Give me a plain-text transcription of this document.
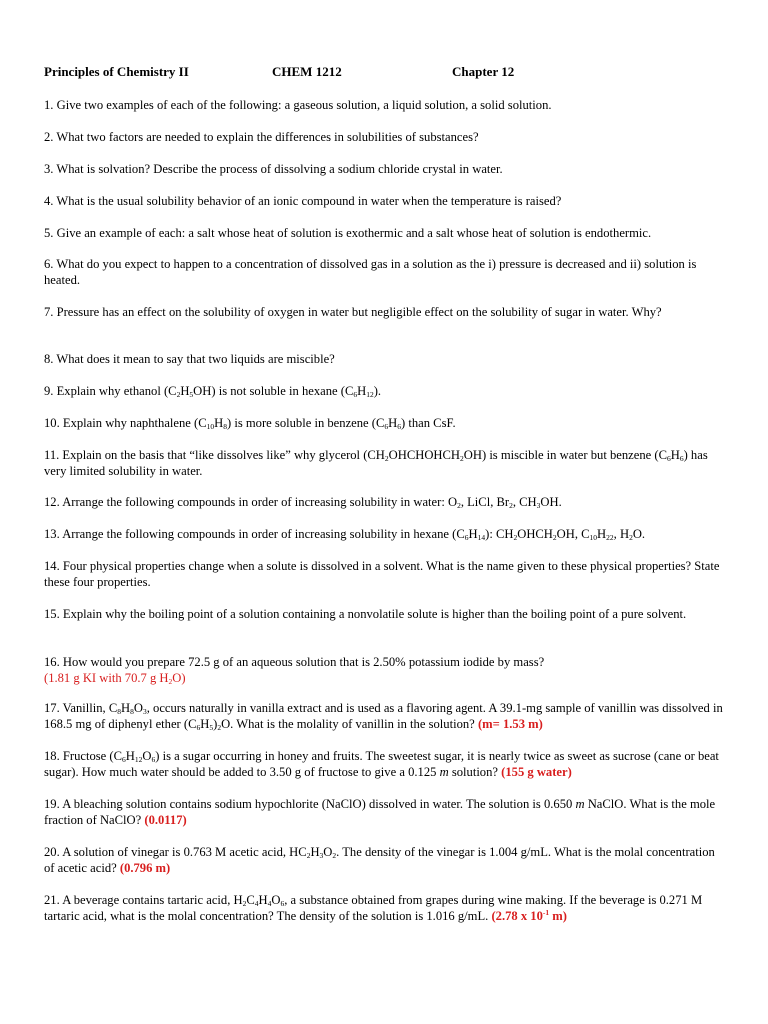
Principles of Chemistry II	CHEM 1212	Chapter 12
1. Give two examples of each of the following: a gaseous solution, a liquid solution, a solid solution.
2. What two factors are needed to explain the differences in solubilities of substances?
3. What is solvation? Describe the process of dissolving a sodium chloride crystal in water.
4. What is the usual solubility behavior of an ionic compound in water when the temperature is raised?
5. Give an example of each: a salt whose heat of solution is exothermic and a salt whose heat of solution is endothermic.
6. What do you expect to happen to a concentration of dissolved gas in a solution as the i) pressure is decreased and ii) solution is heated.
7. Pressure has an effect on the solubility of oxygen in water but negligible effect on the solubility of sugar in water. Why?
8. What does it mean to say that two liquids are miscible?
9. Explain why ethanol $(C_2H_5OH)$ is not soluble in hexane $(C_6H_{12})$.
10. Explain why naphthalene $(C_{10}H_8)$ is more soluble in benzene $(C_6H_6)$ than CsF.
11. Explain on the basis that “like dissolves like” why glycerol $(CH_2OHCHOHCH_2OH)$ is miscible in water but benzene $(C_6H_6)$ has very limited solubility in water.
12. Arrange the following compounds in order of increasing solubility in water: $O_2$, LiCl, $Br_2$, $CH_3OH$.
13. Arrange the following compounds in order of increasing solubility in hexane $(C_6H_{14})$: $CH_2OHCH_2OH$, $C_{10}H_{22}$, $H_2O$.
14. Four physical properties change when a solute is dissolved in a solvent. What is the name given to these physical properties? State these four properties.
15. Explain why the boiling point of a solution containing a nonvolatile solute is higher than the boiling point of a pure solvent.
16. How would you prepare 72.5 g of an aqueous solution that is 2.50% potassium iodide by mass?
(1.81 g KI with 70.7 g $H_2O$)
17. Vanillin, $C_8H_8O_3$, occurs naturally in vanilla extract and is used as a flavoring agent. A 39.1-mg sample of vanillin was dissolved in 168.5 mg of diphenyl ether $(C_6H_5)_2O$. What is the molality of vanillin in the solution? (m= 1.53 m)
18. Fructose $(C_6H_{12}O_6)$ is a sugar occurring in honey and fruits. The sweetest sugar, it is nearly twice as sweet as sucrose (cane or beat sugar). How much water should be added to 3.50 g of fructose to give a 0.125 m solution? (155 g water)
19. A bleaching solution contains sodium hypochlorite (NaClO) dissolved in water. The solution is 0.650 m NaClO. What is the mole fraction of NaClO? (0.0117)
20. A solution of vinegar is 0.763 M acetic acid, $HC_2H_3O_2$. The density of the vinegar is 1.004 g/mL. What is the molal concentration of acetic acid? (0.796 m)
21. A beverage contains tartaric acid, $H_2C_4H_4O_6$, a substance obtained from grapes during wine making. If the beverage is 0.271 M tartaric acid, what is the molal concentration? The density of the solution is 1.016 g/mL. (2.78 x $10^{-1}$ m)
